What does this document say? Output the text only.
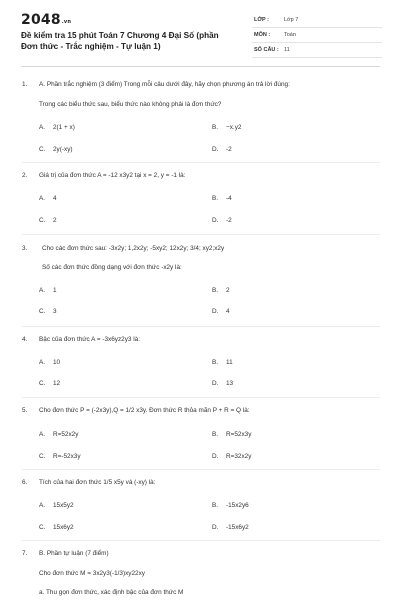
2048.vn
Đề kiểm tra 15 phút Toán 7 Chương 4 Đại Số (phần Đơn thức - Trắc nghiệm - Tự luận 1)
LỚP :	Lớp 7
MÔN :	Toán
SỐ CÂU : 11
1. A. Phần trắc nghiệm (3 điểm) Trong mỗi câu dưới đây, hãy chọn phương án trả lời đúng:
Trong các biểu thức sau, biểu thức nào không phải là đơn thức?
A. 2(1 + x)	B. −x.y2
C. 2y(-xy)	D. -2
2. Giá trị của đơn thức A = -12 x3y2 tại x = 2, y = -1 là:
A. 4	B. -4
C. 2	D. -2
3. Cho các đơn thức sau: -3x2y; 1,2x2y; -5xy2; 12x2y; 3/4; xy2;x2y
Số các đơn thức đồng dạng với đơn thức -x2y là:
A. 1	B. 2
C. 3	D. 4
4. Bậc của đơn thức A = -3x6yz2y3 là:
A. 10	B. 11
C. 12	D. 13
5. Cho đơn thức P = (-2x3y),Q = 1/2 x3y. Đơn thức R thỏa mãn P + R = Q là:
A. R=52x2y	B. R=52x3y
C. R=-52x3y	D. R=32x2y
6. Tích của hai đơn thức 1/5 x5y và (-xy) là:
A. 15x5y2	B. -15x2y6
C. 15x6y2	D. -15x6y2
7. B. Phần tự luận (7 điểm)
Cho đơn thức M = 3x2y3(-1/3)xy22xy
a. Thu gọn đơn thức, xác định bậc của đơn thức M
